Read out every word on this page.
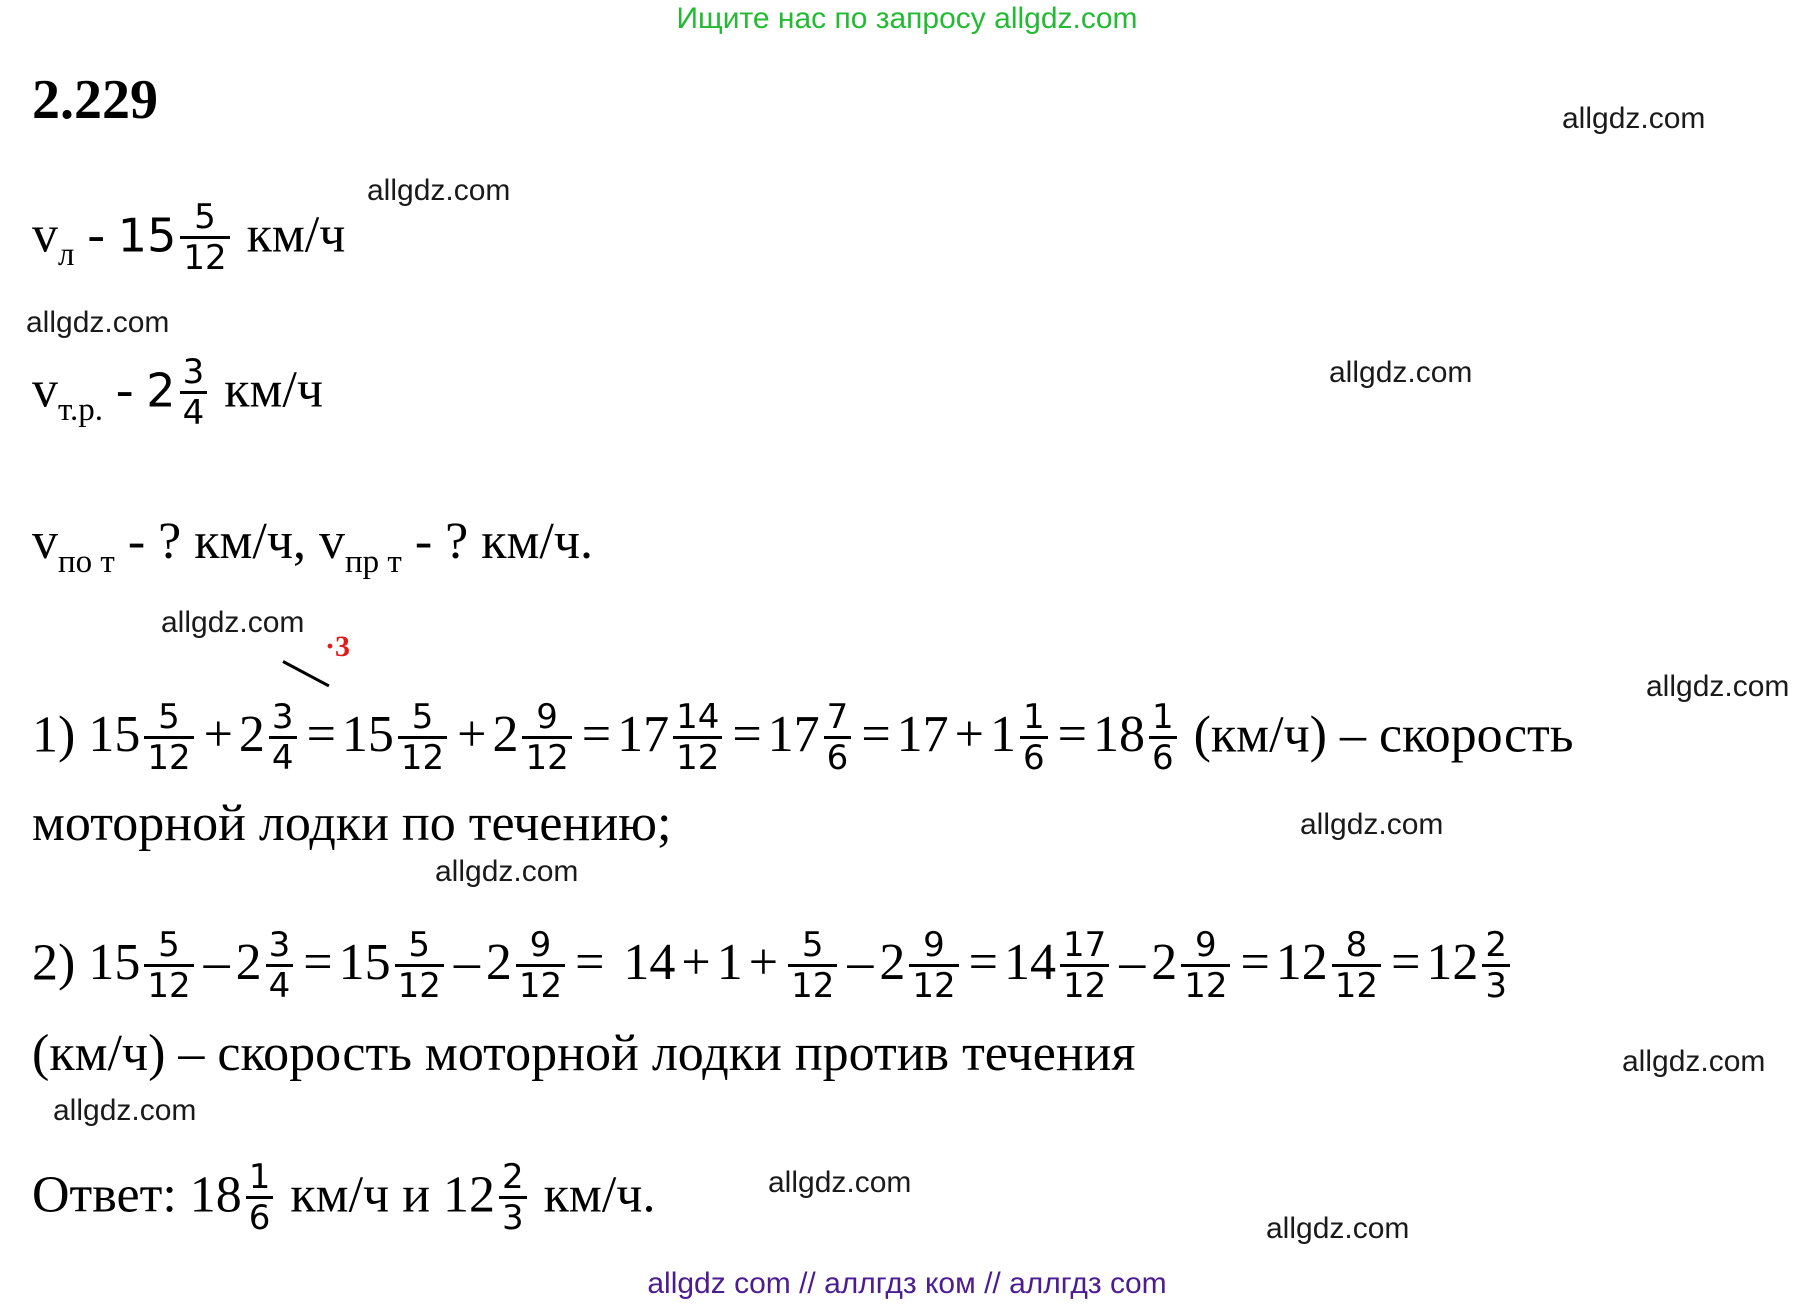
Ищите нас по запросу allgdz.com
2.229
$v_л - 15 \frac{5}{12} км/ч$
$v_{т.р.} - 2 \frac{3}{4} км/ч$
$v_{по т}$ - ? км/ч, $v_{пр т}$ - ? км/ч.
·3
1) $15 \frac{5}{12} + 2 \frac{3}{4} = 15 \frac{5}{12} + 2 \frac{9}{12} = 17 \frac{14}{12} = 17 \frac{7}{6} = 17 + 1 \frac{1}{6} = 18 \frac{1}{6} (км/ч)$ – скорость
моторной лодки по течению;
2) $15 \frac{5}{12} - 2 \frac{3}{4} = 15 \frac{5}{12} - 2 \frac{9}{12} = 14 + 1 + \frac{5}{12} - 2 \frac{9}{12} = 14 \frac{17}{12} - 2 \frac{9}{12} = 12 \frac{8}{12} = 12 \frac{2}{3}$
(км/ч) – скорость моторной лодки против течения
Ответ: $18 \frac{1}{6} км/ч$ и $12 \frac{2}{3} км/ч$.
allgdz.com
allgdz.com
allgdz.com
allgdz.com
allgdz.com
allgdz.com
allgdz.com
allgdz.com
allgdz.com
allgdz.com
allgdz.com
allgdz.com
allgdz com // аллгдз ком // аллгдз com
